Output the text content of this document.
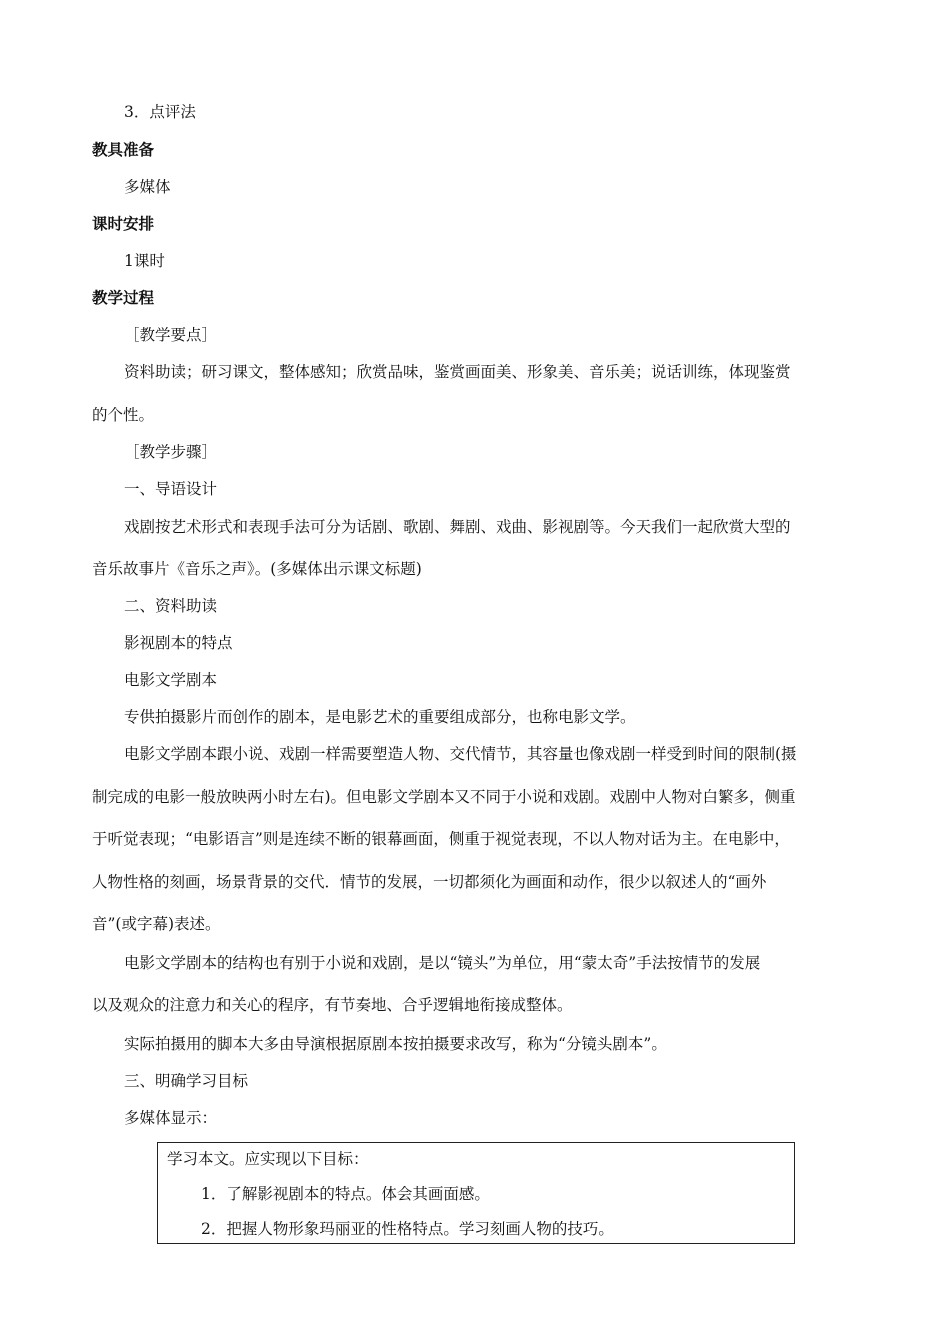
3．点评法
教具准备
多媒体
课时安排
1课时
教学过程
［教学要点］
资料助读；研习课文，整体感知；欣赏品味，鉴赏画面美、形象美、音乐美；说话训练，体现鉴赏
的个性。
［教学步骤］
一、导语设计
戏剧按艺术形式和表现手法可分为话剧、歌剧、舞剧、戏曲、影视剧等。今天我们一起欣赏大型的
音乐故事片《音乐之声》。(多媒体出示课文标题)
二、资料助读
影视剧本的特点
电影文学剧本
专供拍摄影片而创作的剧本，是电影艺术的重要组成部分，也称电影文学。
电影文学剧本跟小说、戏剧一样需要塑造人物、交代情节，其容量也像戏剧一样受到时间的限制(摄
制完成的电影一般放映两小时左右)。但电影文学剧本又不同于小说和戏剧。戏剧中人物对白繁多，侧重
于听觉表现；“电影语言”则是连续不断的银幕画面，侧重于视觉表现，不以人物对话为主。在电影中，
人物性格的刻画，场景背景的交代．情节的发展，一切都须化为画面和动作，很少以叙述人的“画外
音”(或字幕)表述。
电影文学剧本的结构也有别于小说和戏剧，是以“镜头”为单位，用“蒙太奇”手法按情节的发展
以及观众的注意力和关心的程序，有节奏地、合乎逻辑地衔接成整体。
实际拍摄用的脚本大多由导演根据原剧本按拍摄要求改写，称为“分镜头剧本”。
三、明确学习目标
多媒体显示：
学习本文。应实现以下目标：
1．了解影视剧本的特点。体会其画面感。
2．把握人物形象玛丽亚的性格特点。学习刻画人物的技巧。
